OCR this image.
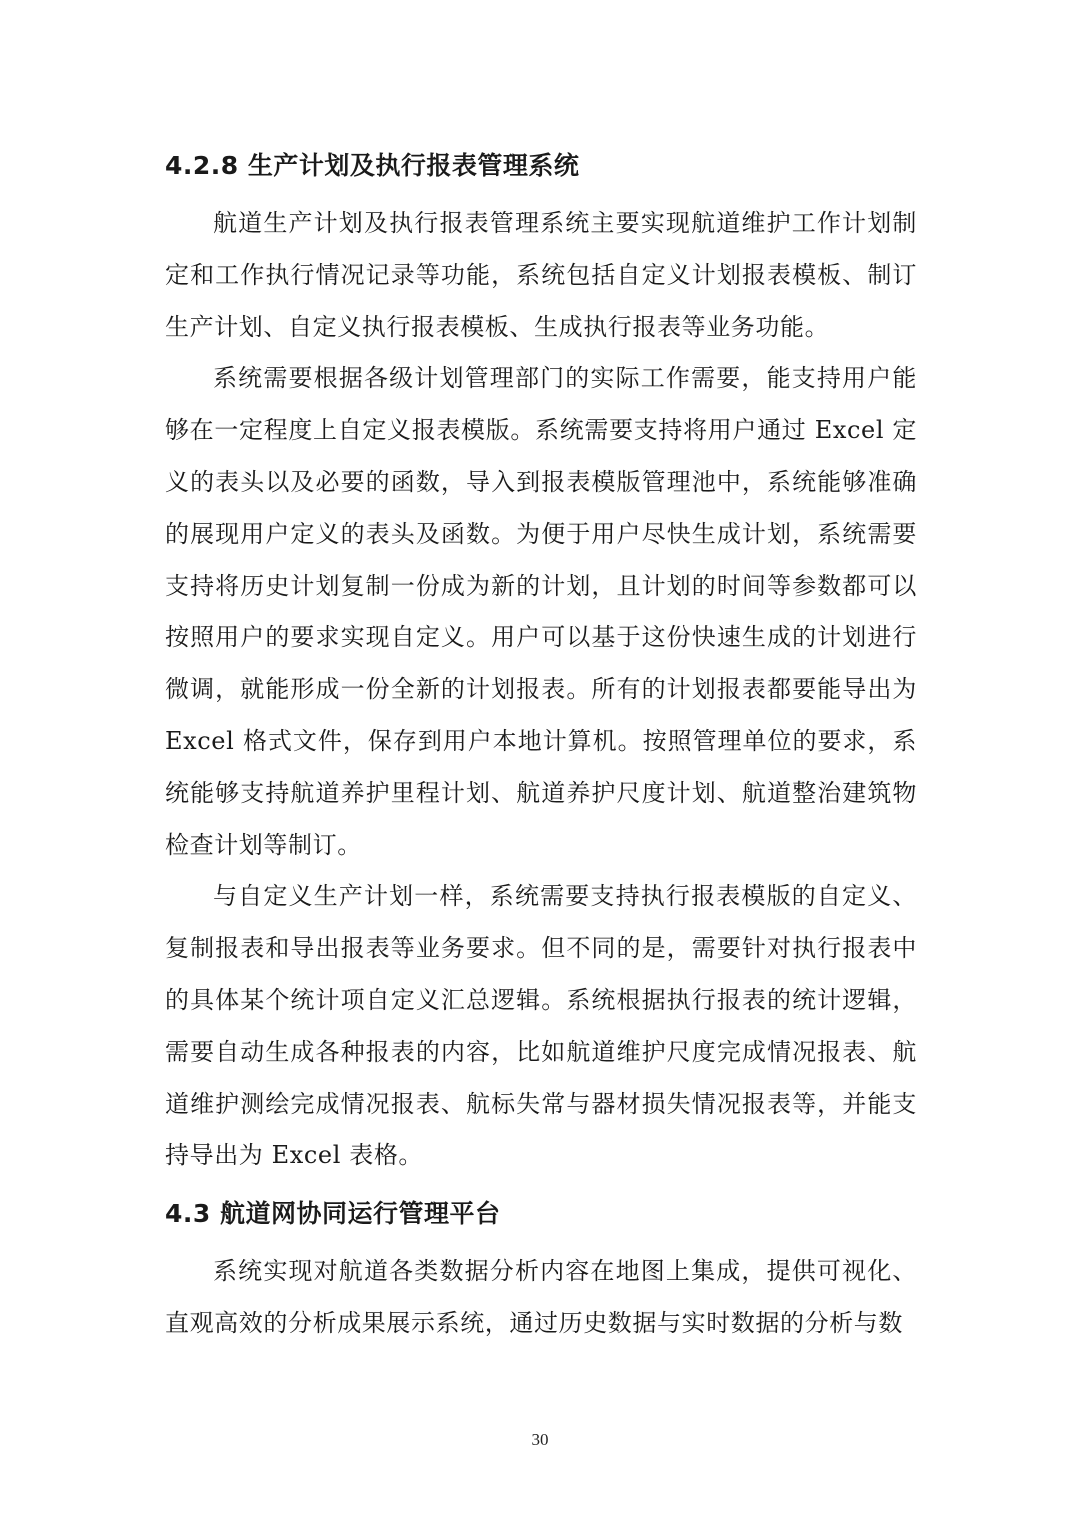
4.2.8 生产计划及执行报表管理系统

航道生产计划及执行报表管理系统主要实现航道维护工作计划制定和工作执行情况记录等功能，系统包括自定义计划报表模板、制订生产计划、自定义执行报表模板、生成执行报表等业务功能。

系统需要根据各级计划管理部门的实际工作需要，能支持用户能够在一定程度上自定义报表模版。系统需要支持将用户通过 Excel 定义的表头以及必要的函数，导入到报表模版管理池中，系统能够准确的展现用户定义的表头及函数。为便于用户尽快生成计划，系统需要支持将历史计划复制一份成为新的计划，且计划的时间等参数都可以按照用户的要求实现自定义。用户可以基于这份快速生成的计划进行微调，就能形成一份全新的计划报表。所有的计划报表都要能导出为 Excel 格式文件，保存到用户本地计算机。按照管理单位的要求，系统能够支持航道养护里程计划、航道养护尺度计划、航道整治建筑物检查计划等制订。

与自定义生产计划一样，系统需要支持执行报表模版的自定义、复制报表和导出报表等业务要求。但不同的是，需要针对执行报表中的具体某个统计项自定义汇总逻辑。系统根据执行报表的统计逻辑，需要自动生成各种报表的内容，比如航道维护尺度完成情况报表、航道维护测绘完成情况报表、航标失常与器材损失情况报表等，并能支持导出为 Excel 表格。

4.3 航道网协同运行管理平台

系统实现对航道各类数据分析内容在地图上集成，提供可视化、直观高效的分析成果展示系统，通过历史数据与实时数据的分析与数

30
